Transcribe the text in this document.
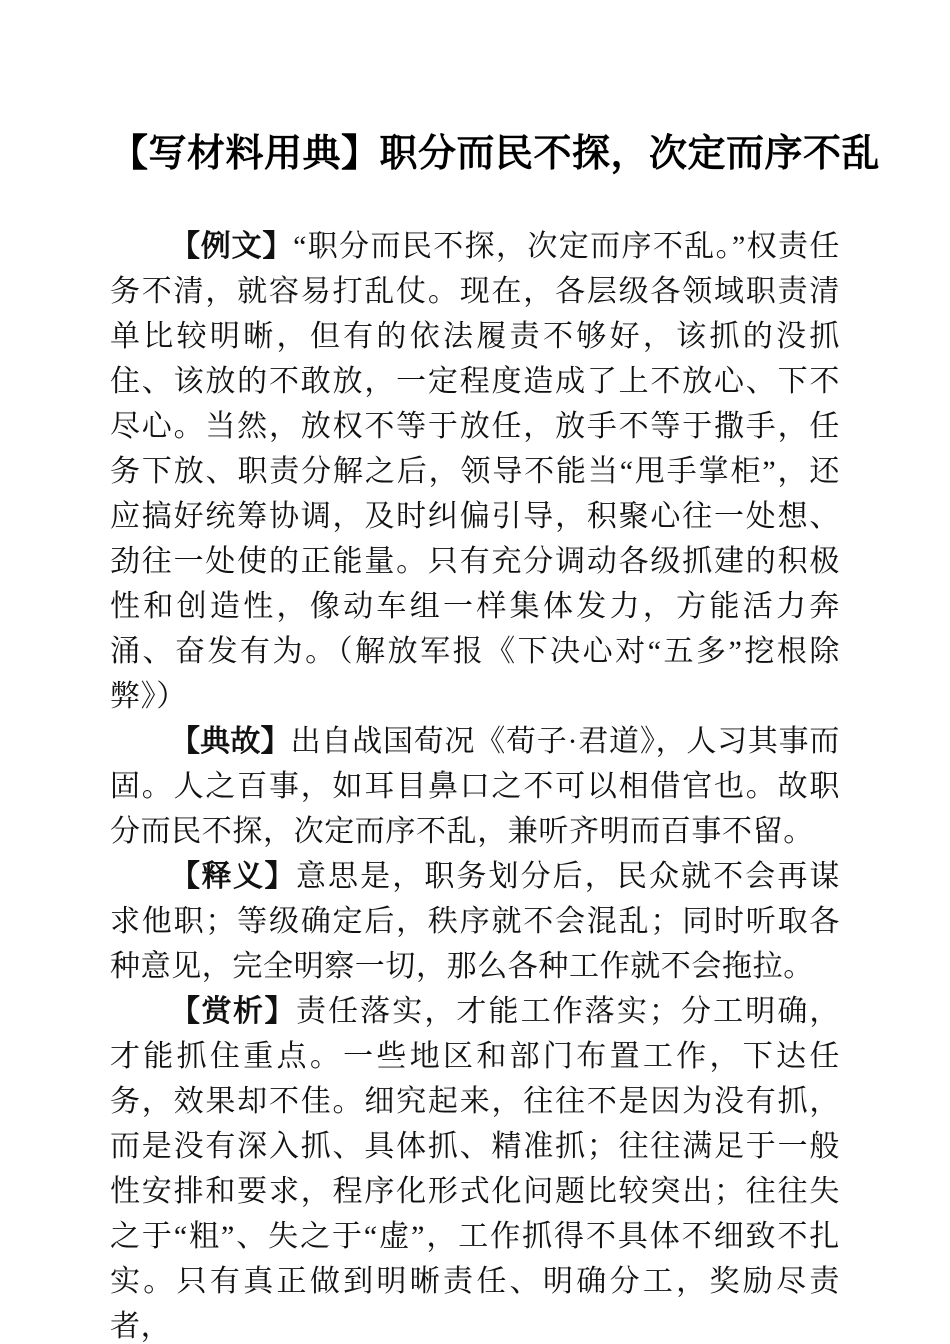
【写材料用典】职分而民不探，次定而序不乱

【例文】“职分而民不探，次定而序不乱。”权责任务不清，就容易打乱仗。现在，各层级各领域职责清单比较明晰，但有的依法履责不够好，该抓的没抓住、该放的不敢放，一定程度造成了上不放心、下不尽心。当然，放权不等于放任，放手不等于撒手，任务下放、职责分解之后，领导不能当“甩手掌柜”，还应搞好统筹协调，及时纠偏引导，积聚心往一处想、劲往一处使的正能量。只有充分调动各级抓建的积极性和创造性，像动车组一样集体发力，方能活力奔涌、奋发有为。（解放军报《下决心对“五多”挖根除弊》）

【典故】出自战国荀况《荀子·君道》，人习其事而固。人之百事，如耳目鼻口之不可以相借官也。故职分而民不探，次定而序不乱，兼听齐明而百事不留。

【释义】意思是，职务划分后，民众就不会再谋求他职；等级确定后，秩序就不会混乱；同时听取各种意见，完全明察一切，那么各种工作就不会拖拉。

【赏析】责任落实，才能工作落实；分工明确，才能抓住重点。一些地区和部门布置工作，下达任务，效果却不佳。细究起来，往往不是因为没有抓，而是没有深入抓、具体抓、精准抓；往往满足于一般性安排和要求，程序化形式化问题比较突出；往往失之于“粗”、失之于“虚”，工作抓得不具体不细致不扎实。只有真正做到明晰责任、明确分工，奖励尽责者，
